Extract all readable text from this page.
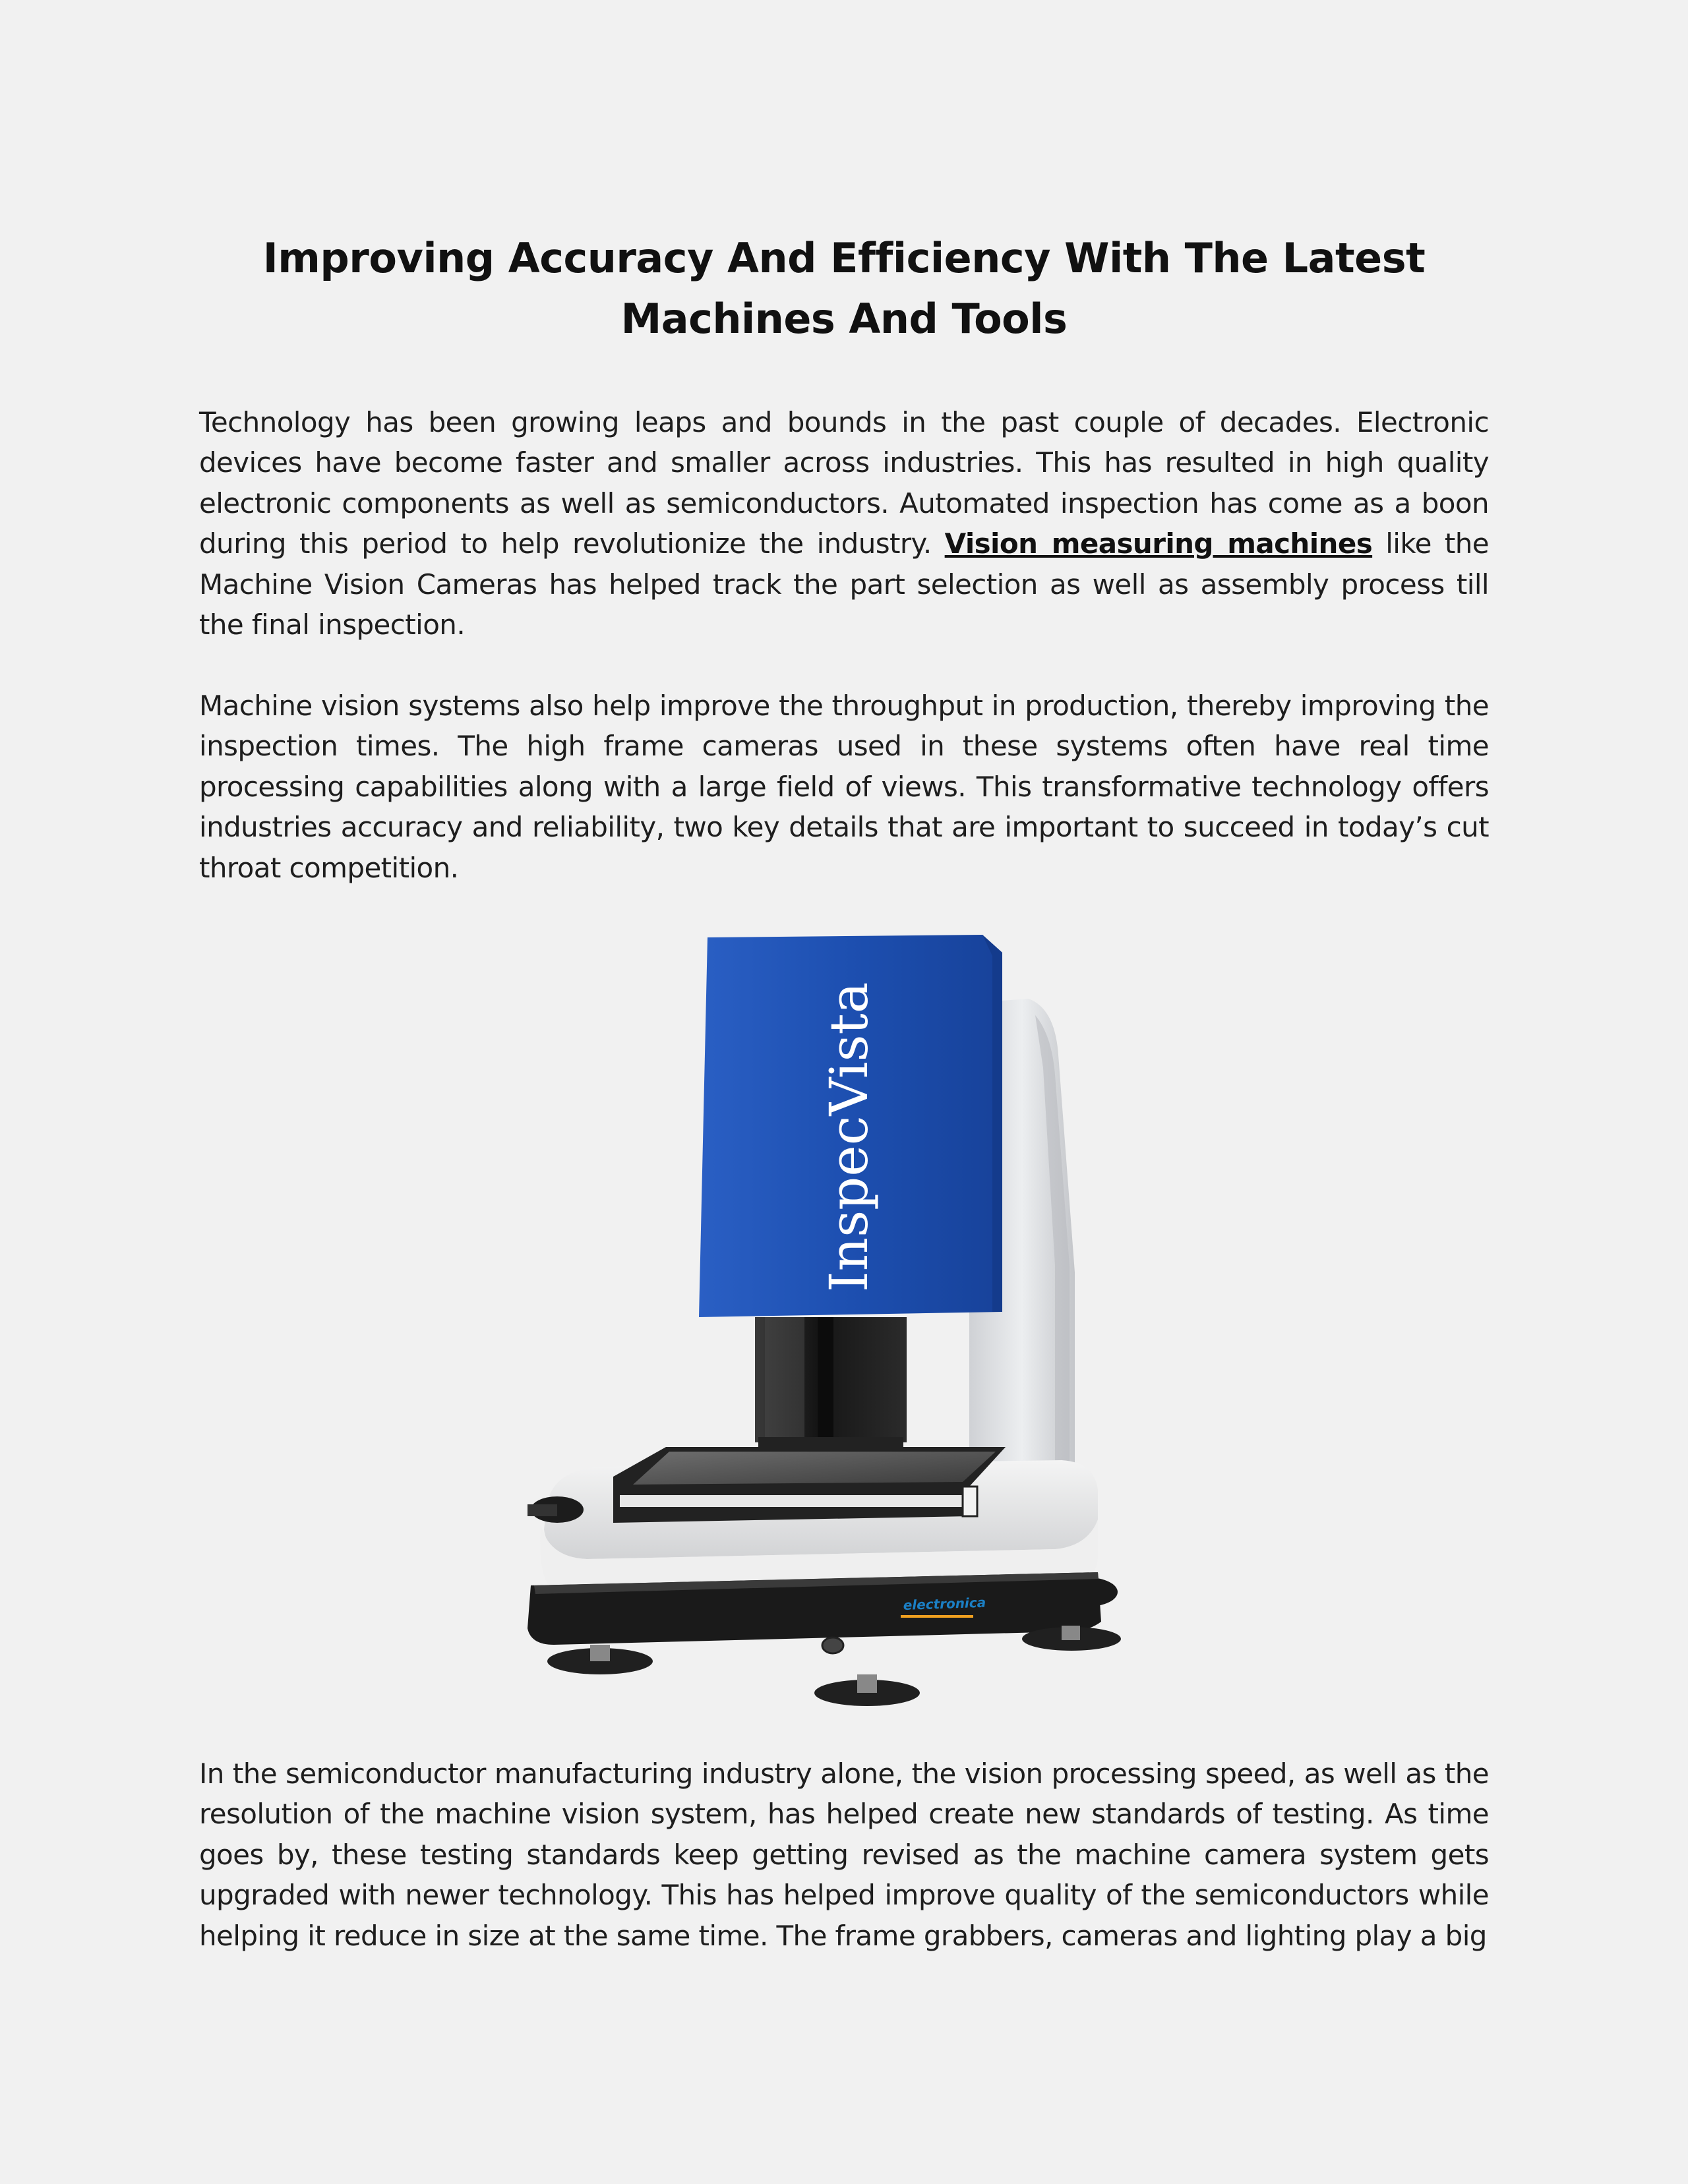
Improving Accuracy And Efficiency With The Latest Machines And Tools

Technology has been growing leaps and bounds in the past couple of decades. Electronic devices have become faster and smaller across industries. This has resulted in high quality electronic components as well as semiconductors. Automated inspection has come as a boon during this period to help revolutionize the industry. Vision measuring machines like the Machine Vision Cameras has helped track the part selection as well as assembly process till the final inspection.

Machine vision systems also help improve the throughput in production, thereby improving the inspection times. The high frame cameras used in these systems often have real time processing capabilities along with a large field of views. This transformative technology offers industries accuracy and reliability, two key details that are important to succeed in today’s cut throat competition.

InspecVista
electronica

In the semiconductor manufacturing industry alone, the vision processing speed, as well as the resolution of the machine vision system, has helped create new standards of testing. As time goes by, these testing standards keep getting revised as the machine camera system gets upgraded with newer technology. This has helped improve quality of the semiconductors while helping it reduce in size at the same time. The frame grabbers, cameras and lighting play a big
